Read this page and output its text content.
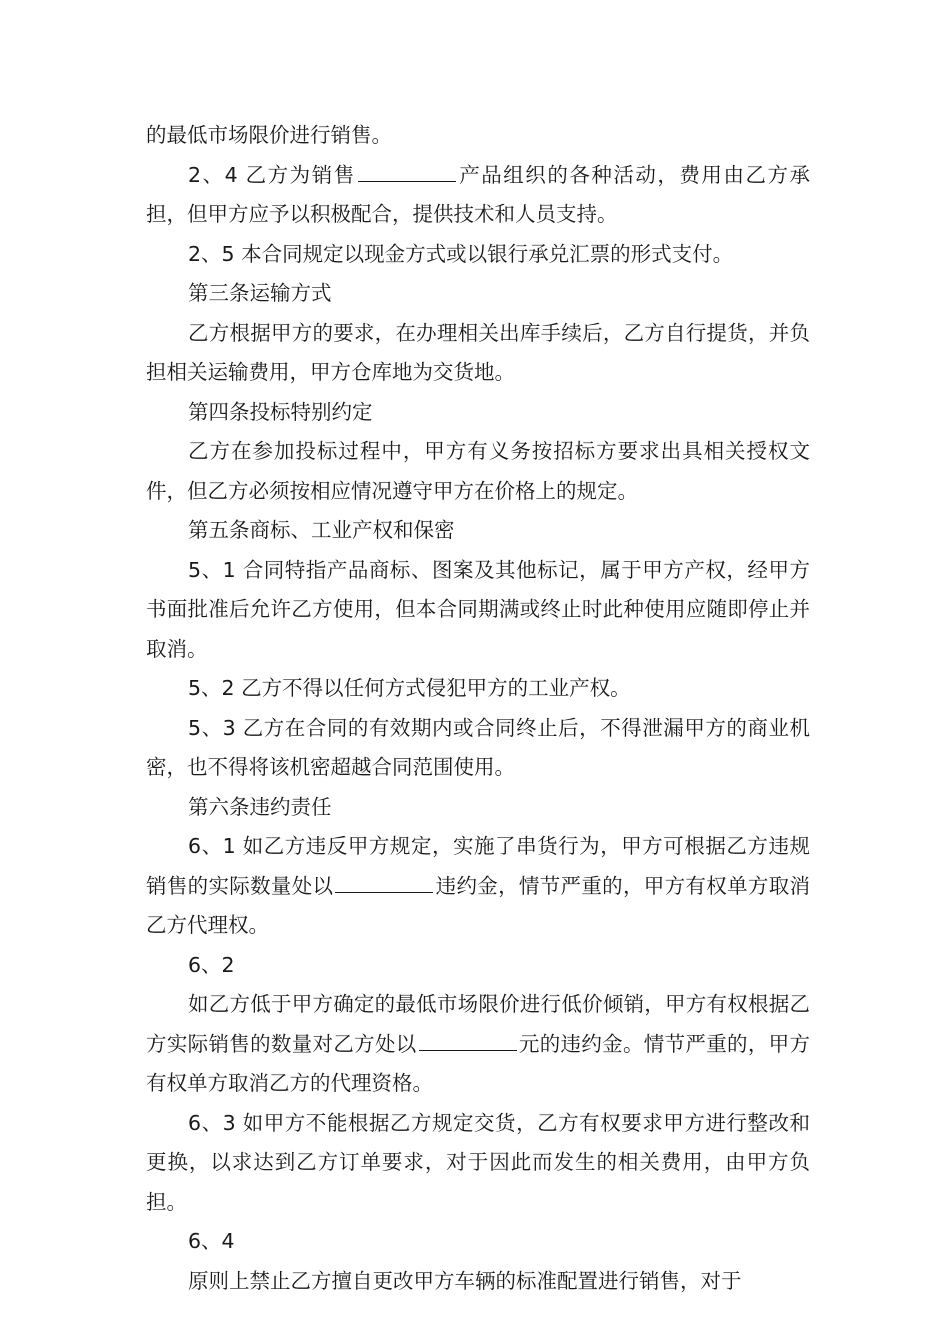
的最低市场限价进行销售。

2、4 乙方为销售	产品组织的各种活动，费用由乙方承担，但甲方应予以积极配合，提供技术和人员支持。

2、5 本合同规定以现金方式或以银行承兑汇票的形式支付。

第三条运输方式

乙方根据甲方的要求，在办理相关出库手续后，乙方自行提货，并负担相关运输费用，甲方仓库地为交货地。

第四条投标特别约定

乙方在参加投标过程中，甲方有义务按招标方要求出具相关授权文件，但乙方必须按相应情况遵守甲方在价格上的规定。

第五条商标、工业产权和保密

5、1 合同特指产品商标、图案及其他标记，属于甲方产权，经甲方书面批准后允许乙方使用，但本合同期满或终止时此种使用应随即停止并取消。

5、2 乙方不得以任何方式侵犯甲方的工业产权。

5、3 乙方在合同的有效期内或合同终止后，不得泄漏甲方的商业机密，也不得将该机密超越合同范围使用。

第六条违约责任

6、1 如乙方违反甲方规定，实施了串货行为，甲方可根据乙方违规销售的实际数量处以	违约金，情节严重的，甲方有权单方取消乙方代理权。

6、2

如乙方低于甲方确定的最低市场限价进行低价倾销，甲方有权根据乙方实际销售的数量对乙方处以	元的违约金。情节严重的，甲方有权单方取消乙方的代理资格。

6、3 如甲方不能根据乙方规定交货，乙方有权要求甲方进行整改和更换，以求达到乙方订单要求，对于因此而发生的相关费用，由甲方负担。

6、4

原则上禁止乙方擅自更改甲方车辆的标准配置进行销售，对于
